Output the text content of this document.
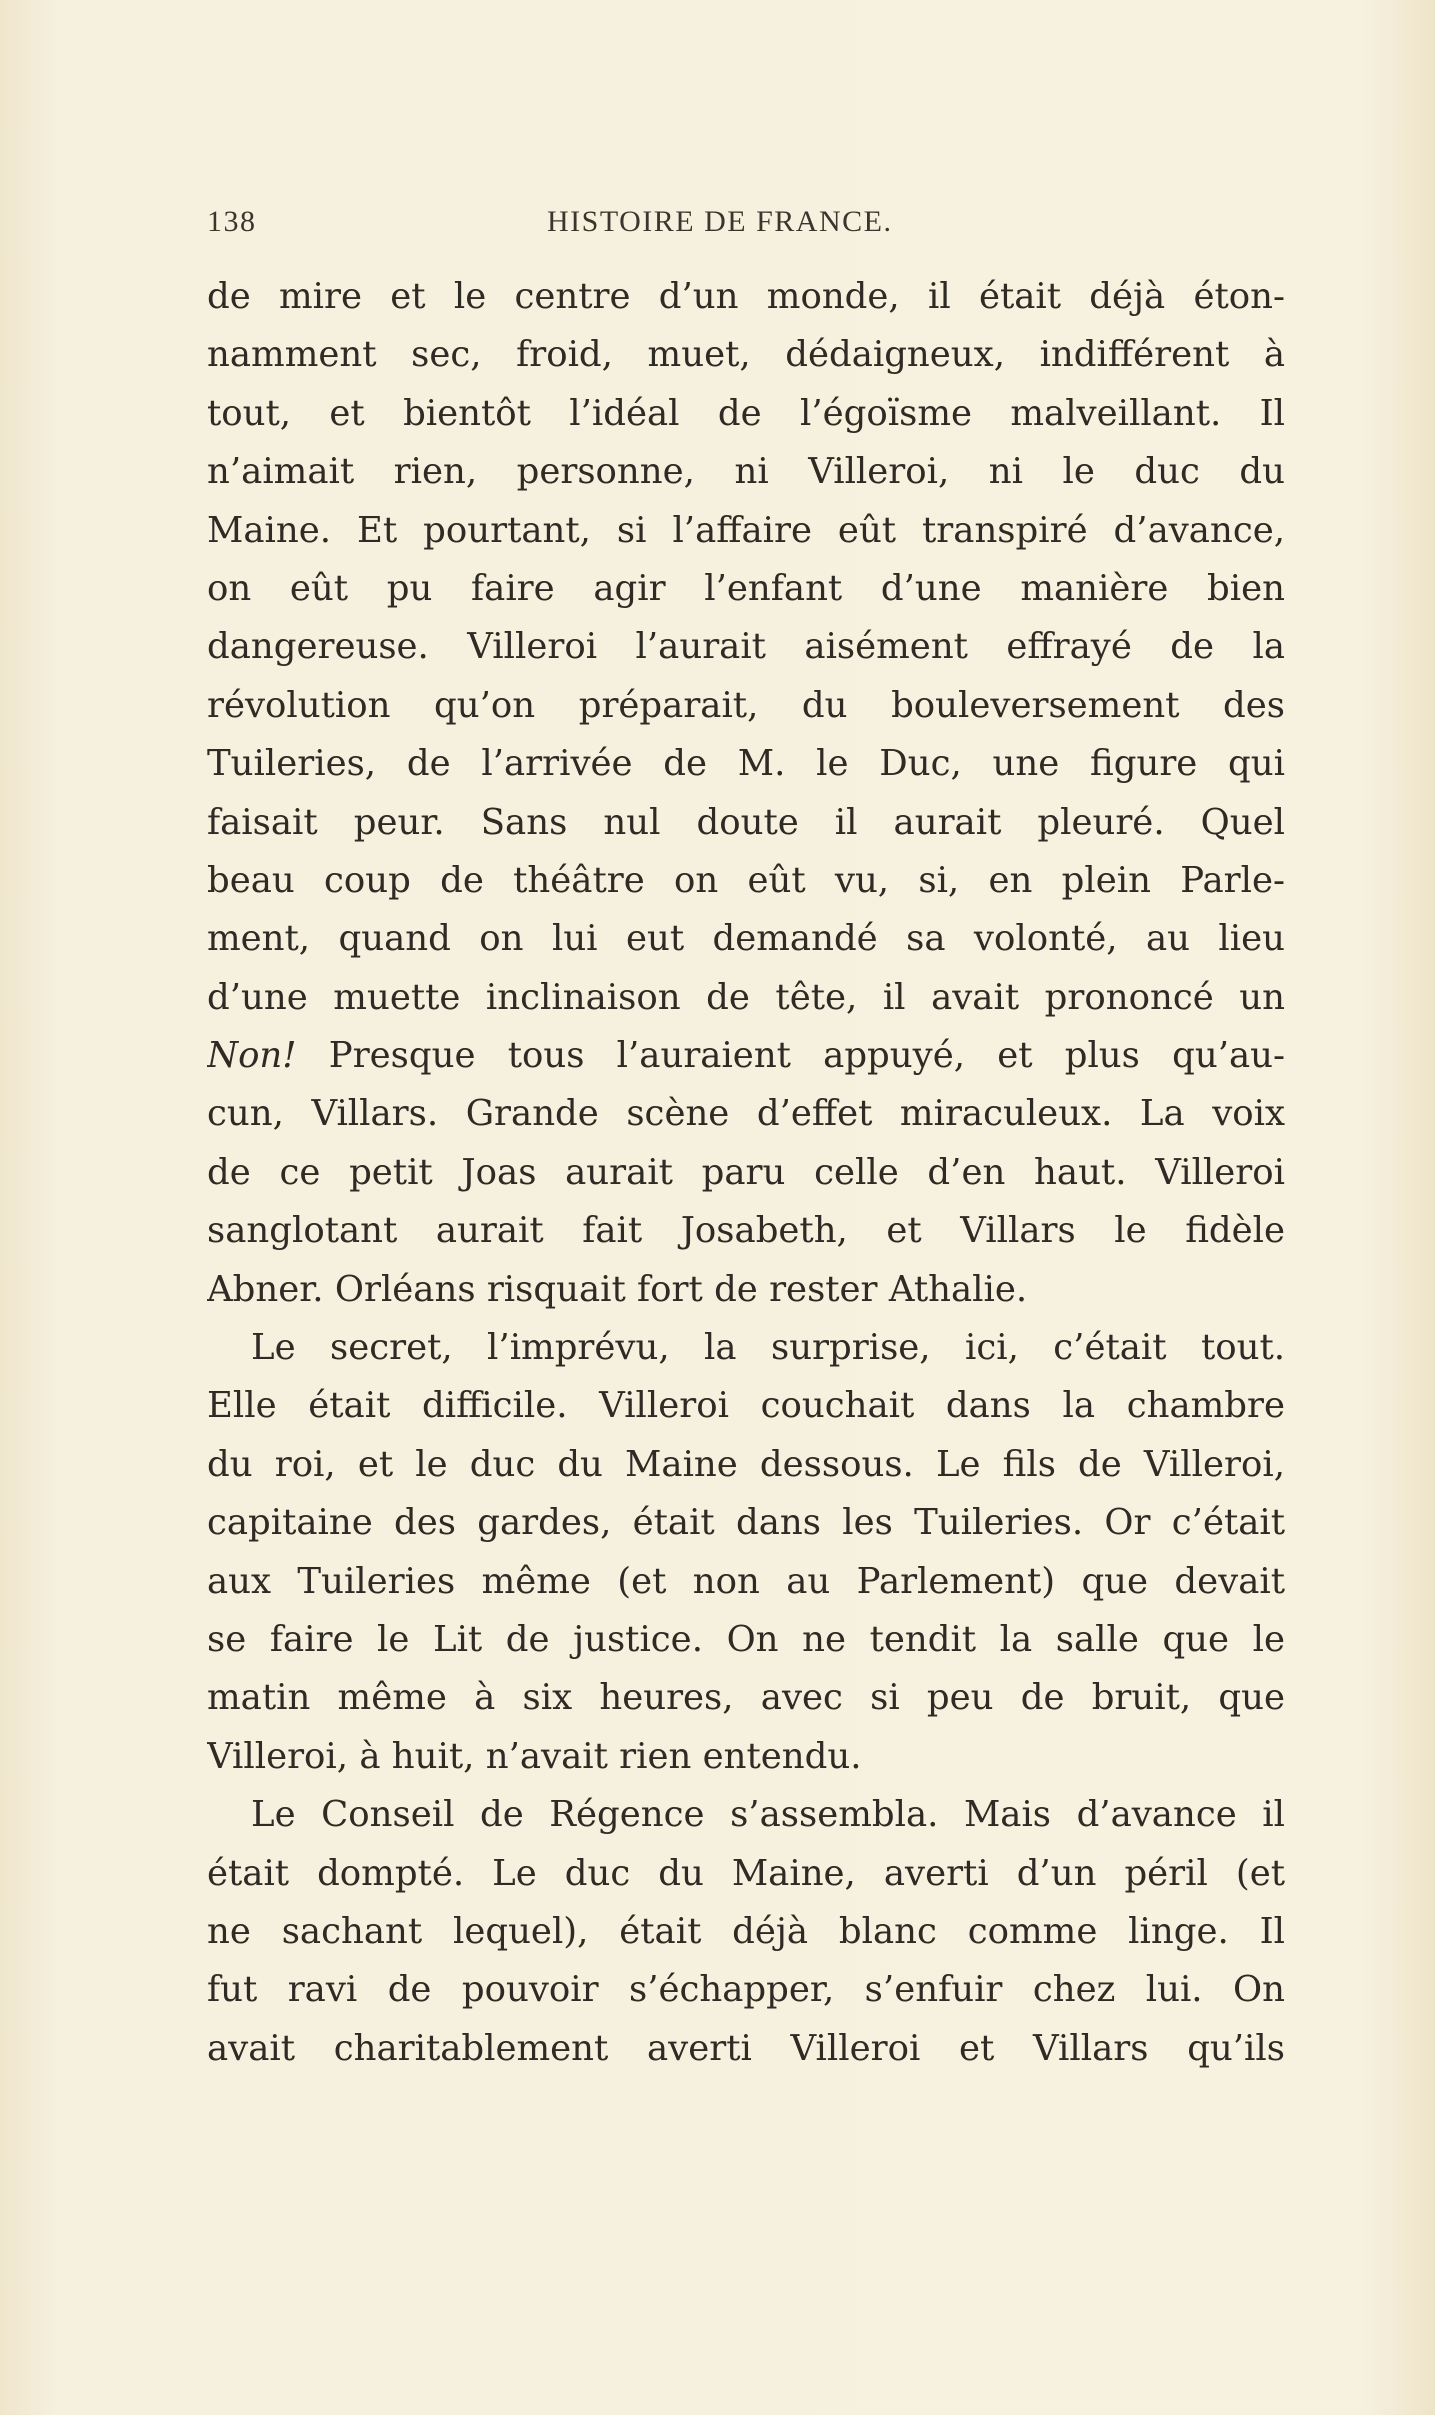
138	HISTOIRE DE FRANCE.
de mire et le centre d’un monde, il était déjà éton-
namment sec, froid, muet, dédaigneux, indifférent à
tout, et bientôt l’idéal de l’égoïsme malveillant. Il
n’aimait rien, personne, ni Villeroi, ni le duc du
Maine. Et pourtant, si l’affaire eût transpiré d’avance,
on eût pu faire agir l’enfant d’une manière bien
dangereuse. Villeroi l’aurait aisément effrayé de la
révolution qu’on préparait, du bouleversement des
Tuileries, de l’arrivée de M. le Duc, une figure qui
faisait peur. Sans nul doute il aurait pleuré. Quel
beau coup de théâtre on eût vu, si, en plein Parle-
ment, quand on lui eut demandé sa volonté, au lieu
d’une muette inclinaison de tête, il avait prononcé un
Non! Presque tous l’auraient appuyé, et plus qu’au-
cun, Villars. Grande scène d’effet miraculeux. La voix
de ce petit Joas aurait paru celle d’en haut. Villeroi
sanglotant aurait fait Josabeth, et Villars le fidèle
Abner. Orléans risquait fort de rester Athalie.
Le secret, l’imprévu, la surprise, ici, c’était tout.
Elle était difficile. Villeroi couchait dans la chambre
du roi, et le duc du Maine dessous. Le fils de Villeroi,
capitaine des gardes, était dans les Tuileries. Or c’était
aux Tuileries même (et non au Parlement) que devait
se faire le Lit de justice. On ne tendit la salle que le
matin même à six heures, avec si peu de bruit, que
Villeroi, à huit, n’avait rien entendu.
Le Conseil de Régence s’assembla. Mais d’avance il
était dompté. Le duc du Maine, averti d’un péril (et
ne sachant lequel), était déjà blanc comme linge. Il
fut ravi de pouvoir s’échapper, s’enfuir chez lui. On
avait charitablement averti Villeroi et Villars qu’ils
